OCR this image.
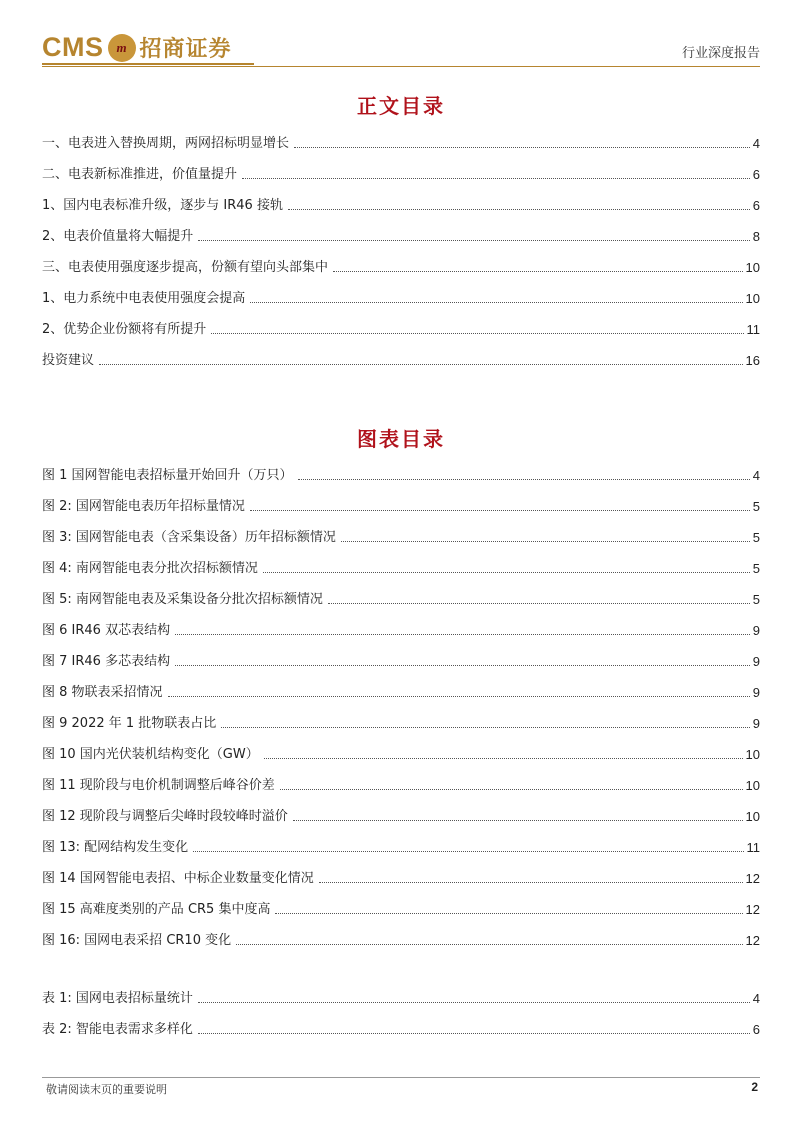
CMS m 招商证券	行业深度报告
正文目录
一、电表进入替换周期，两网招标明显增长	4
二、电表新标准推进，价值量提升	6
1、国内电表标准升级，逐步与 IR46 接轨	6
2、电表价值量将大幅提升	8
三、电表使用强度逐步提高，份额有望向头部集中	10
1、电力系统中电表使用强度会提高	10
2、优势企业份额将有所提升	11
投资建议	16
图表目录
图 1 国网智能电表招标量开始回升（万只）	4
图 2: 国网智能电表历年招标量情况	5
图 3: 国网智能电表（含采集设备）历年招标额情况	5
图 4: 南网智能电表分批次招标额情况	5
图 5: 南网智能电表及采集设备分批次招标额情况	5
图 6 IR46 双芯表结构	9
图 7 IR46 多芯表结构	9
图 8 物联表采招情况	9
图 9 2022 年 1 批物联表占比	9
图 10 国内光伏装机结构变化（GW）	10
图 11 现阶段与电价机制调整后峰谷价差	10
图 12 现阶段与调整后尖峰时段较峰时溢价	10
图 13: 配网结构发生变化	11
图 14 国网智能电表招、中标企业数量变化情况	12
图 15 高难度类别的产品 CR5 集中度高	12
图 16: 国网电表采招 CR10 变化	12
表 1: 国网电表招标量统计	4
表 2: 智能电表需求多样化	6
敬请阅读末页的重要说明	2
